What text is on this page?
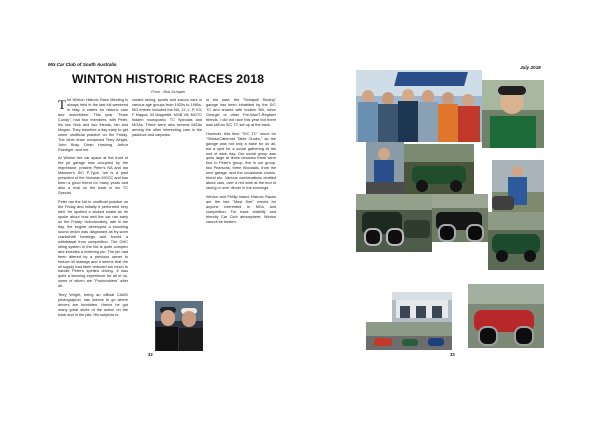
MG Car Club of South Australia
WINTON HISTORIC RACES 2018
From - Bob Schapel

The Winton Historic Race Meeting is always held in the last full weekend in May. It caters for historic cars and motorbikes. This year "Team Cundy", had four members, with Peter, his son Nick and two friends, Ian and Megan. They travelled a day early to get some unofficial practice on the Friday. The other team comprised Terry Wright, John Bray, Dean Hosking, Arthur Ruediger, and me.

At Winton the car space at the front of the pit garage was occupied by the impressive, pristine Peter's NA and Ian Mawson's S/C P-Type. Ian is a past president of the Victorian MGCC and has been a good friend for many years and also a rival on the track in his TC Special.

Peter ran the NA in unofficial practice on the Friday and initially it performed very well. He spotted a wicked snake as he spoke about how well the car ran early on the Friday. Unfortunately, late in the day, the engine developed a knocking sound which was diagnosed as try-worn crankshaft bearings and forced a withdrawal from competition. The OHC idling system in the NA is quite complex and includes a metering pin. The pin had been altered by a previous owner to reduce oil leakage and it seems that the oil supply had been reduced too much to handle Peter's spirited driving. It was quite a learning experience for all of us, some of whom are "Pushrodders" after all.

Terry Wright, being an official CAMS photographer, has licence to go where drivers are forbidden. Hence he got many great shots of the action on the track and in the pits. His subjects in-

cluded racing, sports and saloon cars in various age groups from 1920s to 1980s. MG entries included the NA, J2, L, P, K3, F Magna, 34 Magnette, MGB V8, MGTC hidden monoposto, TC Specials and MGAs. There were also several MGAs among the other interesting cars in the paddock and carparks.

In the past, the "Schapell Racing" garage has been inhabited by the S/C TC and shared with brother Bill, niece Georgie or other Pre-War/T-Register friends. I did not race this year but there was still an S/C TC set up at the back.

However, this time "S/C TC" stood for "Shiraz/Cabernet Table Chairs," as the garage was not only a base for us all, but a spot for a social gathering at the end of each day. Our social group was quite large at times because there were four in Peter's group, five in our group, two Pearsons, three Woodalls, from the next garage, and the occasional cousin, friend etc. Various combinations chatted about cars, over a red wine at the end of racing or over dinner in the evenings.

Winton and Phillip Island Historic Races are the two "Must See" events for anyone interested in MGs and competition. For track visibility and friendly Car Club atmosphere, Winton cannot be beaten.

32
July 2018
33
